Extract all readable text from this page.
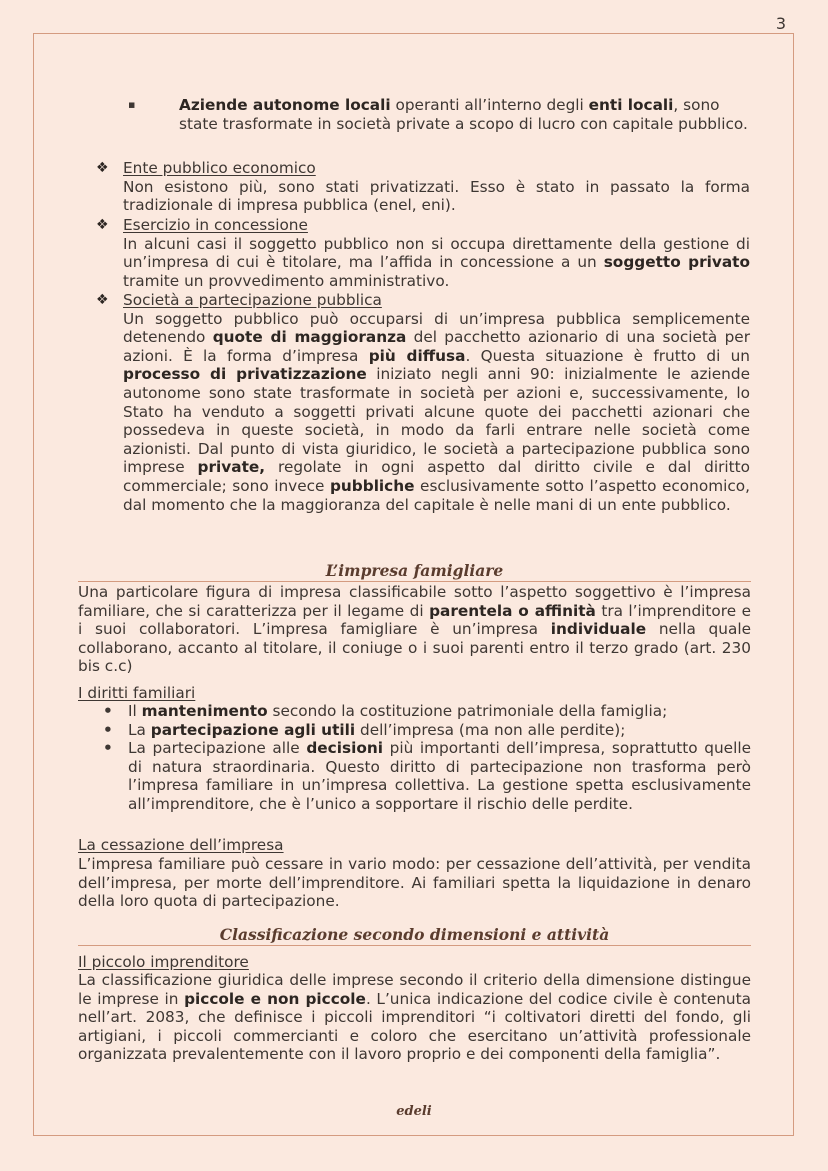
3
▪	Aziende autonome locali operanti all’interno degli enti locali, sono state trasformate in società private a scopo di lucro con capitale pubblico.
❖ Ente pubblico economico
Non esistono più, sono stati privatizzati. Esso è stato in passato la forma tradizionale di impresa pubblica (enel, eni).
❖ Esercizio in concessione
In alcuni casi il soggetto pubblico non si occupa direttamente della gestione di un’impresa di cui è titolare, ma l’affida in concessione a un soggetto privato tramite un provvedimento amministrativo.
❖ Società a partecipazione pubblica
Un soggetto pubblico può occuparsi di un’impresa pubblica semplicemente detenendo quote di maggioranza del pacchetto azionario di una società per azioni. È la forma d’impresa più diffusa. Questa situazione è frutto di un processo di privatizzazione iniziato negli anni 90: inizialmente le aziende autonome sono state trasformate in società per azioni e, successivamente, lo Stato ha venduto a soggetti privati alcune quote dei pacchetti azionari che possedeva in queste società, in modo da farli entrare nelle società come azionisti. Dal punto di vista giuridico, le società a partecipazione pubblica sono imprese private, regolate in ogni aspetto dal diritto civile e dal diritto commerciale; sono invece pubbliche esclusivamente sotto l’aspetto economico, dal momento che la maggioranza del capitale è nelle mani di un ente pubblico.
L’impresa famigliare
Una particolare figura di impresa classificabile sotto l’aspetto soggettivo è l’impresa familiare, che si caratterizza per il legame di parentela o affinità tra l’imprenditore e i suoi collaboratori. L’impresa famigliare è un’impresa individuale nella quale collaborano, accanto al titolare, il coniuge o i suoi parenti entro il terzo grado (art. 230 bis c.c)
I diritti familiari
• Il mantenimento secondo la costituzione patrimoniale della famiglia;
• La partecipazione agli utili dell’impresa (ma non alle perdite);
• La partecipazione alle decisioni più importanti dell’impresa, soprattutto quelle di natura straordinaria. Questo diritto di partecipazione non trasforma però l’impresa familiare in un’impresa collettiva. La gestione spetta esclusivamente all’imprenditore, che è l’unico a sopportare il rischio delle perdite.
La cessazione dell’impresa
L’impresa familiare può cessare in vario modo: per cessazione dell’attività, per vendita dell’impresa, per morte dell’imprenditore. Ai familiari spetta la liquidazione in denaro della loro quota di partecipazione.
Classificazione secondo dimensioni e attività
Il piccolo imprenditore
La classificazione giuridica delle imprese secondo il criterio della dimensione distingue le imprese in piccole e non piccole. L’unica indicazione del codice civile è contenuta nell’art. 2083, che definisce i piccoli imprenditori “i coltivatori diretti del fondo, gli artigiani, i piccoli commercianti e coloro che esercitano un’attività professionale organizzata prevalentemente con il lavoro proprio e dei componenti della famiglia”.
edeli
